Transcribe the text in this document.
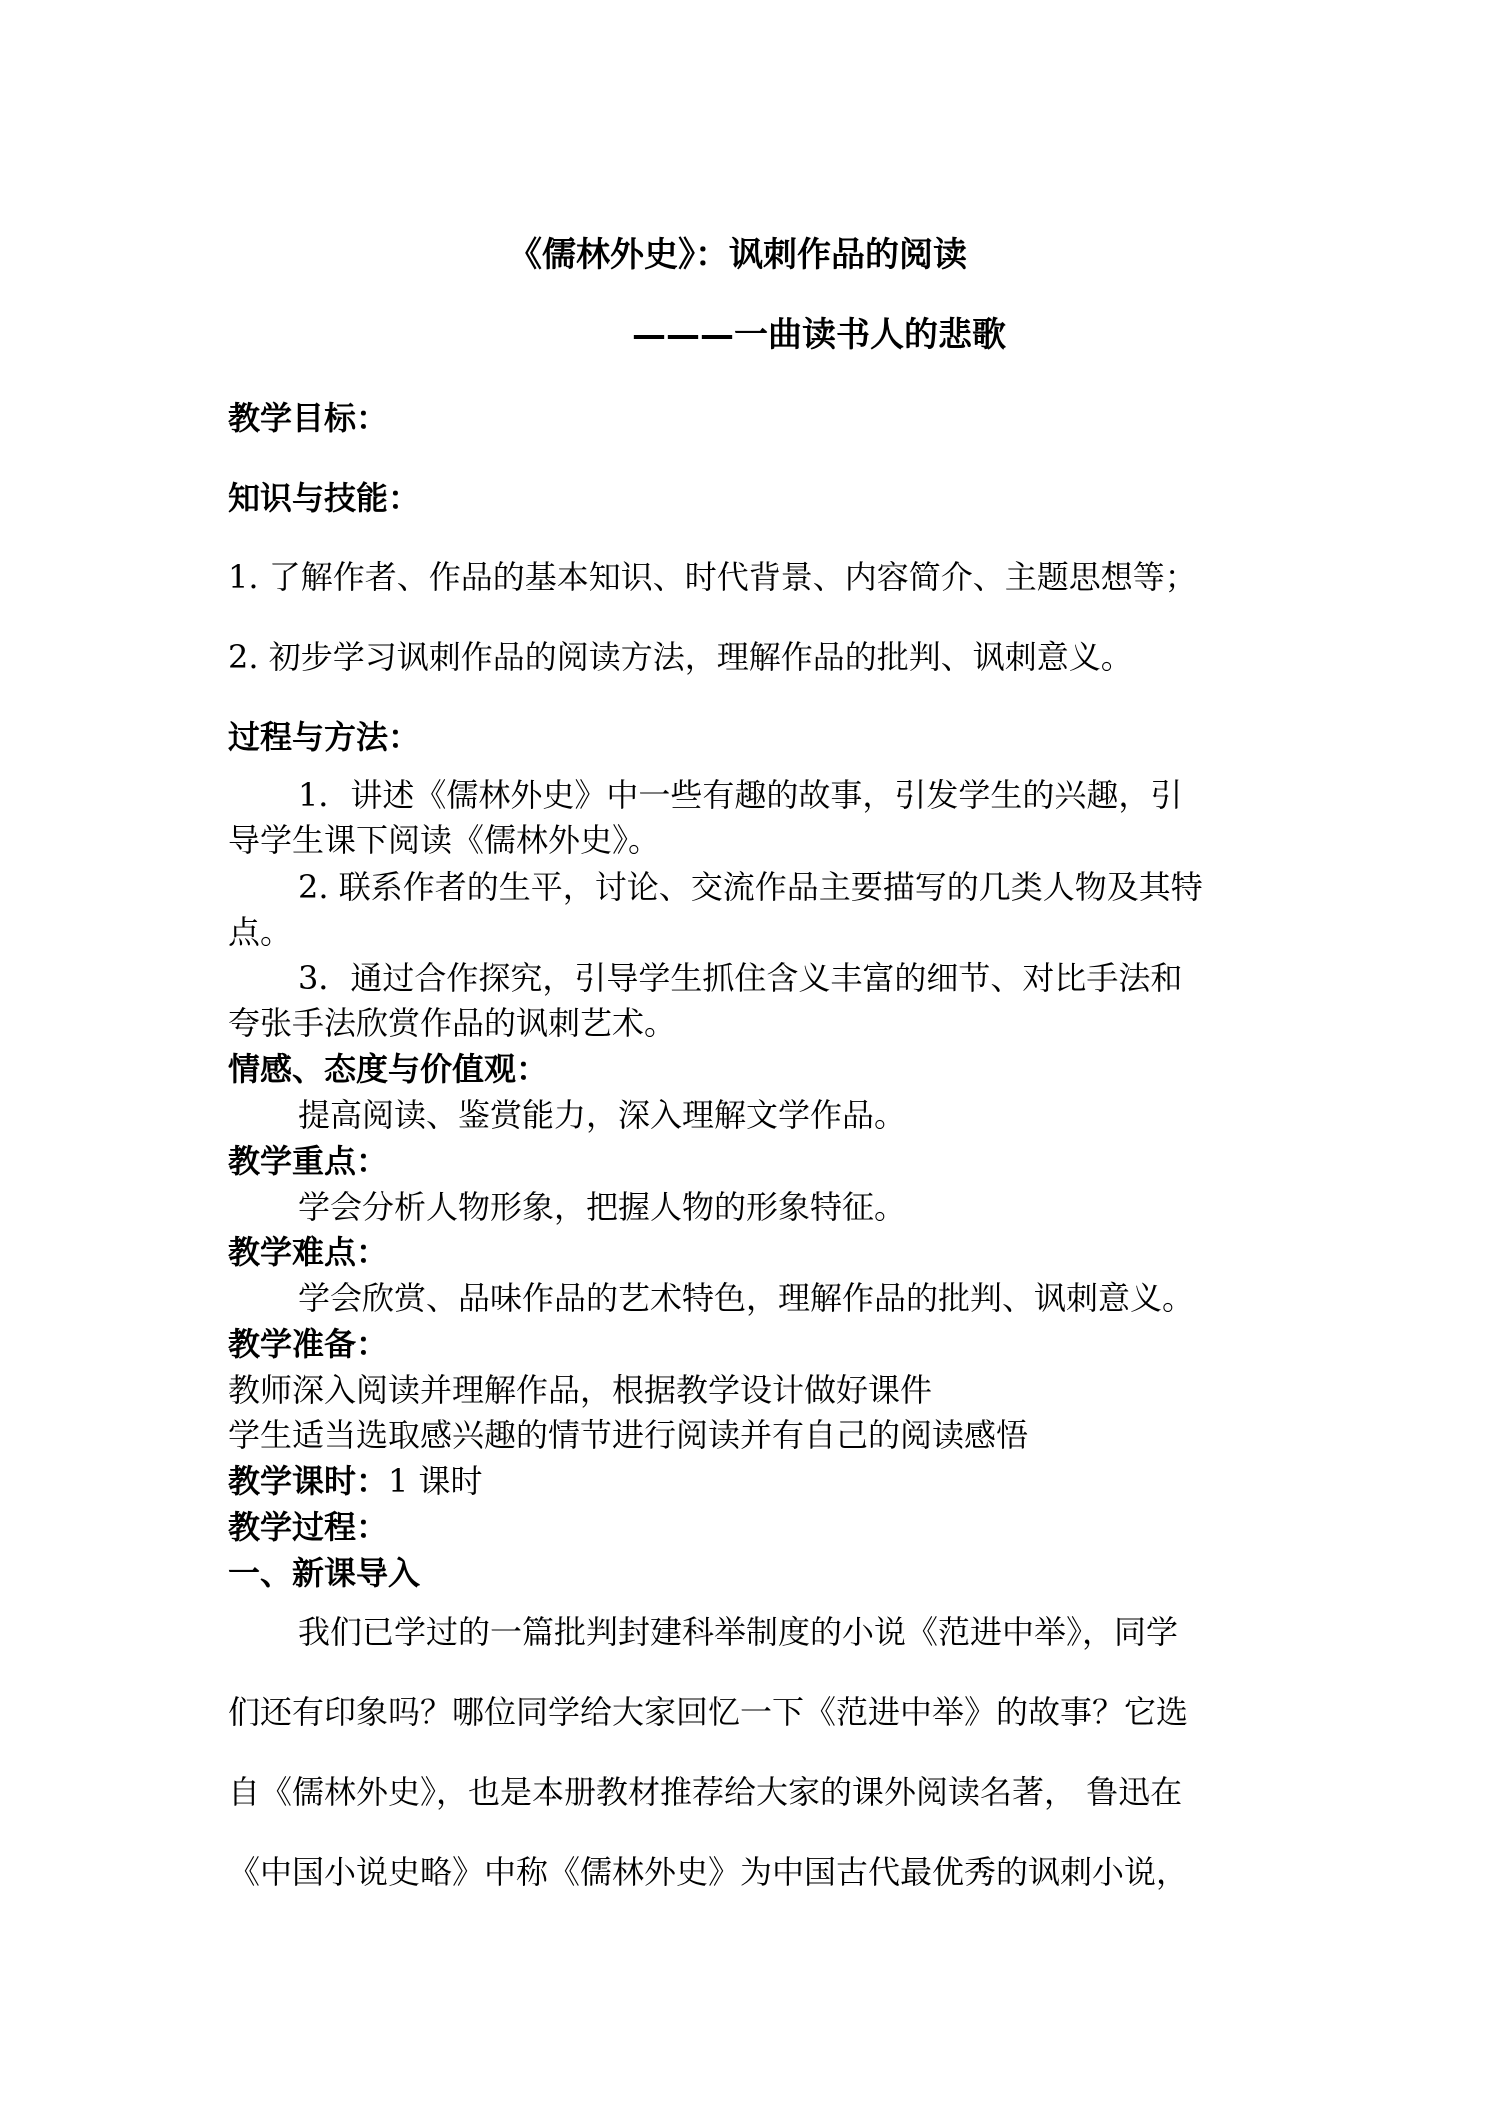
《儒林外史》：讽刺作品的阅读
———一曲读书人的悲歌
教学目标：
知识与技能：
1. 了解作者、作品的基本知识、时代背景、内容简介、主题思想等；
2. 初步学习讽刺作品的阅读方法，理解作品的批判、讽刺意义。
过程与方法：
1．讲述《儒林外史》中一些有趣的故事，引发学生的兴趣，引
导学生课下阅读《儒林外史》。
2. 联系作者的生平，讨论、交流作品主要描写的几类人物及其特
点。
3．通过合作探究，引导学生抓住含义丰富的细节、对比手法和
夸张手法欣赏作品的讽刺艺术。
情感、态度与价值观：
提高阅读、鉴赏能力，深入理解文学作品。
教学重点：
学会分析人物形象，把握人物的形象特征。
教学难点：
学会欣赏、品味作品的艺术特色，理解作品的批判、讽刺意义。
教学准备：
教师深入阅读并理解作品，根据教学设计做好课件
学生适当选取感兴趣的情节进行阅读并有自己的阅读感悟
教学课时：1 课时
教学过程：
一、新课导入
我们已学过的一篇批判封建科举制度的小说《范进中举》，同学
们还有印象吗？哪位同学给大家回忆一下《范进中举》的故事？它选
自《儒林外史》，也是本册教材推荐给大家的课外阅读名著， 鲁迅在
《中国小说史略》中称《儒林外史》为中国古代最优秀的讽刺小说，
